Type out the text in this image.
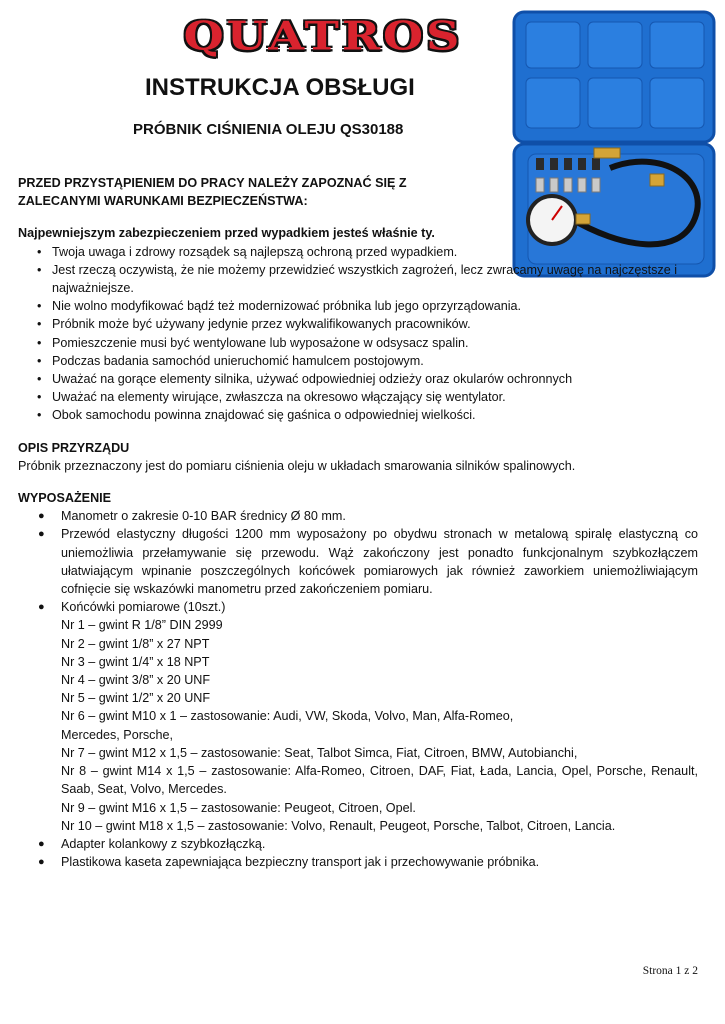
QUATROS
INSTRUKCJA OBSŁUGI
PRÓBNIK CIŚNIENIA OLEJU QS30188
PRZED PRZYSTĄPIENIEM DO PRACY NALEŻY ZAPOZNAĆ SIĘ Z ZALECANYMI WARUNKAMI BEZPIECZEŃSTWA:
Najpewniejszym zabezpieczeniem przed wypadkiem jesteś właśnie ty.
• Twoja uwaga i zdrowy rozsądek są najlepszą ochroną przed wypadkiem.
• Jest rzeczą oczywistą, że nie możemy przewidzieć wszystkich zagrożeń, lecz zwracamy uwagę na najczęstsze i najważniejsze.
• Nie wolno modyfikować bądź też modernizować próbnika lub jego oprzyrządowania.
• Próbnik może być używany jedynie przez wykwalifikowanych pracowników.
• Pomieszczenie musi być wentylowane lub wyposażone w odsysacz spalin.
• Podczas badania samochód unieruchomić hamulcem postojowym.
• Uważać na gorące elementy silnika, używać odpowiedniej odzieży oraz okularów ochronnych
• Uważać na elementy wirujące, zwłaszcza na okresowo włączający się wentylator.
• Obok samochodu powinna znajdować się gaśnica o odpowiedniej wielkości.
OPIS PRZYRZĄDU
Próbnik przeznaczony jest do pomiaru ciśnienia oleju w układach smarowania silników spalinowych.
WYPOSAŻENIE
● Manometr o zakresie 0-10 BAR średnicy Ø 80 mm.
● Przewód elastyczny długości 1200 mm wyposażony po obydwu stronach w metalową spiralę elastyczną co uniemożliwia przełamywanie się przewodu. Wąż zakończony jest ponadto funkcjonalnym szybkozłączem ułatwiającym wpinanie poszczególnych końcówek pomiarowych jak również zaworkiem uniemożliwiającym cofnięcie się wskazówki manometru przed zakończeniem pomiaru.
● Końcówki pomiarowe (10szt.)
Nr 1 – gwint R 1/8” DIN 2999
Nr 2 – gwint 1/8” x 27 NPT
Nr 3 – gwint 1/4” x 18 NPT
Nr 4 – gwint 3/8” x 20 UNF
Nr 5 – gwint 1/2” x 20 UNF
Nr 6 – gwint M10 x 1 – zastosowanie: Audi, VW, Skoda, Volvo, Man, Alfa-Romeo, Mercedes, Porsche,
Nr 7 – gwint M12 x 1,5 – zastosowanie: Seat, Talbot Simca, Fiat, Citroen, BMW, Autobianchi,
Nr 8 – gwint M14 x 1,5 – zastosowanie: Alfa-Romeo, Citroen, DAF, Fiat, Łada, Lancia, Opel, Porsche, Renault, Saab, Seat, Volvo, Mercedes.
Nr 9 – gwint M16 x 1,5 – zastosowanie: Peugeot, Citroen, Opel.
Nr 10 – gwint M18 x 1,5 – zastosowanie: Volvo, Renault, Peugeot, Porsche, Talbot, Citroen, Lancia.
● Adapter kolankowy z szybkozłączką.
● Plastikowa kaseta zapewniająca bezpieczny transport jak i przechowywanie próbnika.
Strona 1 z 2
